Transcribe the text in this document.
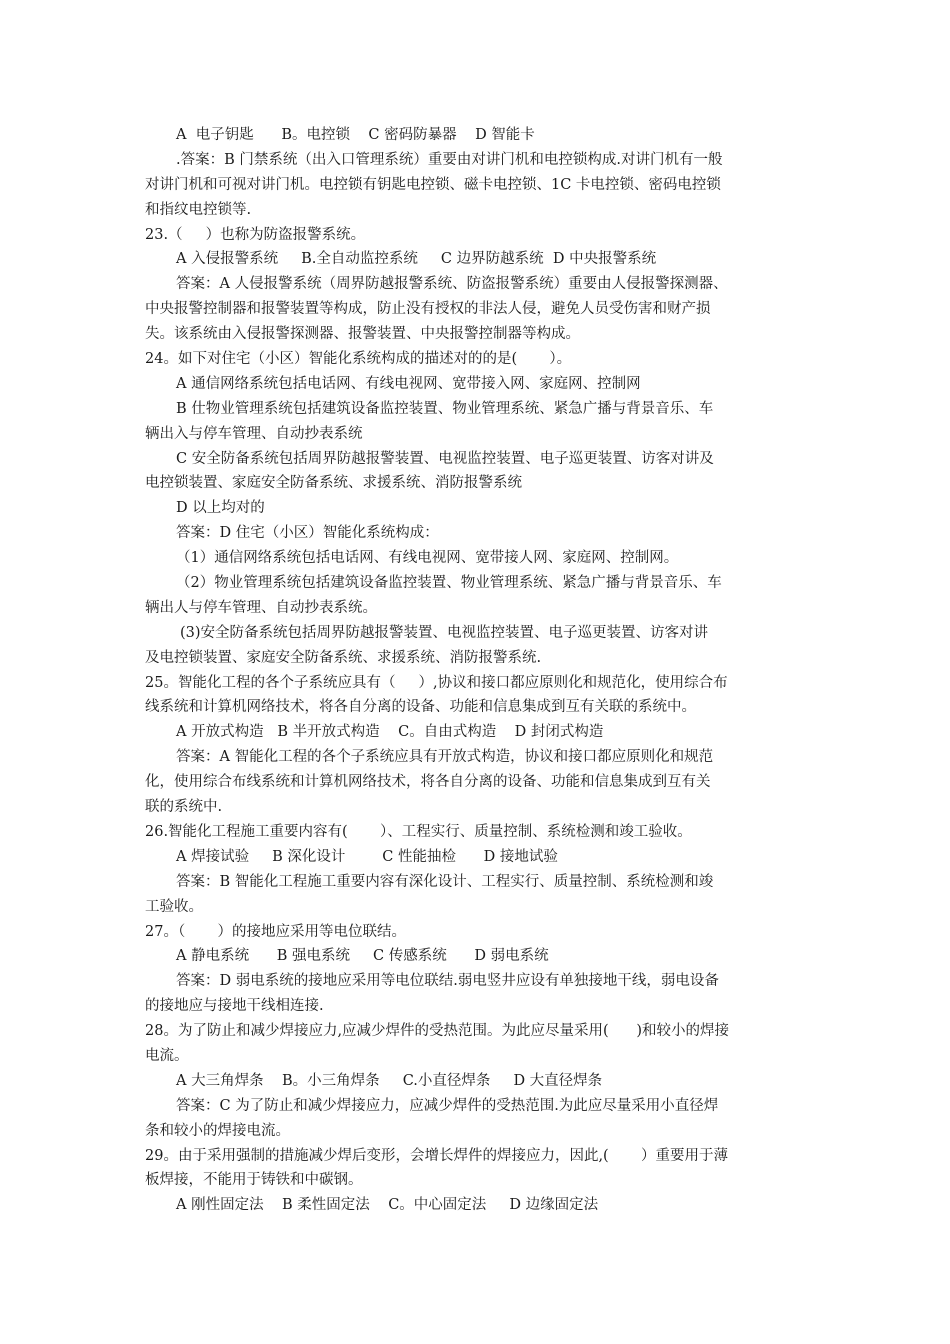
A  电子钥匙      B。电控锁    C 密码防暴器    D 智能卡
.答案：B 门禁系统（出入口管理系统）重要由对讲门机和电控锁构成.对讲门机有一般
对讲门机和可视对讲门机。电控锁有钥匙电控锁、磁卡电控锁、1C 卡电控锁、密码电控锁
和指纹电控锁等.
23.（     ）也称为防盗报警系统。
A 入侵报警系统     B.全自动监控系统     C 边界防越系统  D 中央报警系统
答案：A 人侵报警系统（周界防越报警系统、防盗报警系统）重要由人侵报警探测器、
中央报警控制器和报警装置等构成，防止没有授权的非法人侵，避免人员受伤害和财产损
失。该系统由入侵报警探测器、报警装置、中央报警控制器等构成。
24。如下对住宅（小区）智能化系统构成的描述对的的是(       ）。
A 通信网络系统包括电话网、有线电视网、宽带接入网、家庭网、控制网
B 仕物业管理系统包括建筑设备监控装置、物业管理系统、紧急广播与背景音乐、车
辆出入与停车管理、自动抄表系统
C 安全防备系统包括周界防越报警装置、电视监控装置、电子巡更装置、访客对讲及
电控锁装置、家庭安全防备系统、求援系统、消防报警系统
D 以上均对的
答案：D 住宅（小区）智能化系统构成：
（1）通信网络系统包括电话网、有线电视网、宽带接人网、家庭网、控制网。
（2）物业管理系统包括建筑设备监控装置、物业管理系统、紧急广播与背景音乐、车
辆出人与停车管理、自动抄表系统。
(3)安全防备系统包括周界防越报警装置、电视监控装置、电子巡更装置、访客对讲
及电控锁装置、家庭安全防备系统、求援系统、消防报警系统.
25。智能化工程的各个子系统应具有（     ）,协议和接口都应原则化和规范化，使用综合布
线系统和计算机网络技术，将各自分离的设备、功能和信息集成到互有关联的系统中。
A 开放式构造   B 半开放式构造    C。自由式构造    D 封闭式构造
答案：A 智能化工程的各个子系统应具有开放式构造，协议和接口都应原则化和规范
化，使用综合布线系统和计算机网络技术，将各自分离的设备、功能和信息集成到互有关
联的系统中.
26.智能化工程施工重要内容有(       ）、工程实行、质量控制、系统检测和竣工验收。
A 焊接试验     B 深化设计        C 性能抽检      D 接地试验
答案：B 智能化工程施工重要内容有深化设计、工程实行、质量控制、系统检测和竣
工验收。
27。（       ）的接地应采用等电位联结。
A 静电系统      B 强电系统     C 传感系统      D 弱电系统
答案：D 弱电系统的接地应采用等电位联结.弱电竖井应设有单独接地干线，弱电设备
的接地应与接地干线相连接.
28。为了防止和减少焊接应力,应减少焊件的受热范围。为此应尽量采用(      )和较小的焊接
电流。
A 大三角焊条    B。小三角焊条     C.小直径焊条     D 大直径焊条
答案：C 为了防止和减少焊接应力，应减少焊件的受热范围.为此应尽量采用小直径焊
条和较小的焊接电流。
29。由于采用强制的措施减少焊后变形，会增长焊件的焊接应力，因此,(       ）重要用于薄
板焊接，不能用于铸铁和中碳钢。
A 刚性固定法    B 柔性固定法    C。中心固定法     D 边缘固定法
